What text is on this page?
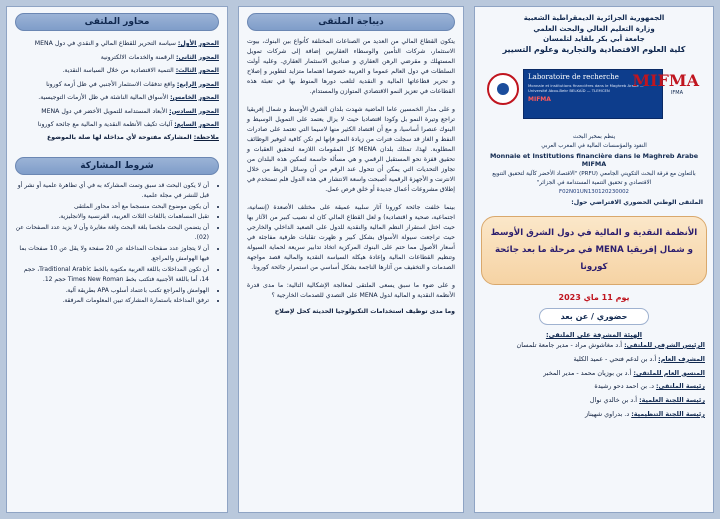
محاور الملتقى
المحور الأول: سياسة التحرير للقطاع المالي و النقدي في دول MENA
المحور الثاني: الرقمنة والخدمات الالكترونية
المحور الثالث: التنمية الاقتصادية من خلال السياسة النقدية.
المحور الرابع: واقع تدفقات الاستثمار الأجنبي في ظل أزمة كورونا
المحور الخامس: الأسواق المالية الناشئة في ظل الأزمات التوجيسية.
المحور السادس: الأبعاد المستدامة للتمويل الأخضر في دول MENA
المحور السابع: آليات تكيف الأنظمة النقدية و المالية مع جائحة كورونا
ملاحظة: المشاركة مفتوحة لأي مداخلة لها صلة بالموضوع
شروط المشاركة
• أن لا يكون البحث قد سبق وتمت المشاركة به في أي تظاهرة علمية أو نشر أو قبل للنشر في مجلة علمية.
• أن يكون موضوع البحث منسجما مع أحد محاور الملتقى
• تقبل المساهمات باللغات الثلاث العربية، الفرنسية والانجليزية.
• أن يتضمن البحث ملخصا بلغة البحث ولغة مغايرة وأن لا يزيد عدد الصفحات عن (02).
• أن لا يتجاوز عدد صفحات المداخلة عن 20 صفحة ولا يقل عن 10 صفحات بما فيها الهوامش والمراجع.
• أن تكون المداخلات باللغة العربية مكتوبة بالخط Traditional Arabic، حجم 14، أما باللغة الأجنبية فتكتب بخط Times New Roman حجم 12.
• الهوامش والمراجع تكتب باعتماد أسلوب APA بطريقة آلية.
• ترفق المداخلة باستمارة المشاركة تبين المعلومات المرفقة.
ديباجة الملتقى

يتكون القطاع المالي من العديد من الصناعات المختلفة كأنواع بين البنوك، بيوت الاستثمار، شركات التأمين والوسطاء العقاريين إضافة إلى شركات تمويل المستهلك و مقرضي الرهن العقاري و صناديق الاستثمار العقاري. وعليه أولت السلطات في دول العالم عموما و العربية خصوصا اهتماما متزايد لتطوير و إصلاح و تحرير قطاعاتها المالية و النقدية لتلعب دورها المنوط بها في تعبئة هذه القطاعات في تعزيز النمو الاقتصادي المتوازن والمستدام.

و على مدار الخمسين عاما الماضية شهدت بلدان الشرق الأوسط و شمال إفريقيا تراجع وتيرة النمو بل وكودا اقتصاديا حيث لا يزال يعتمد على التمويل الوسيط و البنوك عنصرا أساسيا، و مع أن اقتصاد الكثير منها لاسيما التي تعتمد على صادرات النفط و الغاز قد سجلت فترات من زيادة النمو فإنها لم تكن كافية لتوفير الوظائف المطلوبة. لهذا، تمتلك بلدان MENA كل المقومات اللازمة لتحقيق العقبات و تحقيق قفزة نحو المستقبل الرقمي و هي مسألة حاسمة لتمكين هذه البلدان من تجاوز التحديات التي يمكن أن تتحول عند الرقم من أن وسائل الربط من خلال الانترنت و الأجهزة الرقمية أصبحت واسعة الانتشار في هذه الدول فلم تستخدم في إطلاق مشروعات أعمال جديدة أو خلق فرص عمل.

بينما خلفت جائحة كورونا آثار سلبية عميقة على مختلف الأصعدة (إنسانية، اجتماعية، صحية و اقتصادية) و لعل القطاع المالي كان له نصيب كبير من الآثار بها حيث اختل استقرار النظم المالية والنقدية للدول على الصعيد الداخلي والخارجي حيث تراجعت سيولة الأسواق بشكل كبير و ظهرت تقلبات ظرفية مفاجئة في أسعار الأصول مما حتم على البنوك المركزية اتخاذ تدابير سريعة لحماية السيولة وتنظيم القطاعات المالية وإعادة هيكلة السياسة النقدية والمالية قصد مواجهة الصدمات و التخفيف من آثارها الناجمة بشكل أساسي من استمرار جائحة كورونا.

و على ضوء ما سبق يسعى الملتقى لمعالجة الإشكالية التالية: ما مدى قدرة الأنظمة النقدية و المالية لدول MENA على التصدي للصدمات الخارجية ؟

وما مدى توظيف استخدامات التكنولوجيا الحديثة كحل لإصلاح

الجمهورية الجزائرية الديمقراطية الشعبية
وزارة التعليم العالي والبحث العلمي
جامعة أبي بكر بلقايد لتلمسان
كلية العلوم الاقتصادية والتجارية وعلوم التسيير
Laboratoire de recherche
Monnaie et institutions financières dans le Maghreb Arabe — Université Abou-Bekr BELKAÏD — TLEMCEN
MIFMA
MIFMA
IFMA
ينظم بمخبر البحث
النقود والمؤسسات المالية في المغرب العربي
Monnaie et Institutions financière dans le Maghreb Arabe MIFMA
بالتعاون مع فرقة البحث التكويني الجامعي (PRFU) "الاقتصاد الأخضر كآلية لتحقيق التنويع الاقتصادي و تحقيق التنمية المستدامة في الجزائر"
F02N01UN130120230002
الملتقى الوطني الحضوري الافتراضي حول:
الأنظمة النقدية و المالية في دول الشرق الأوسط
و شمال إفريقيا MENA في مرحلة ما بعد جائحة كورونا
يوم 11 ماي 2023
حضوري / عن بعد
الهيئة المشرفة على الملتقى:
الرئيس الشرفي للملتقى: أ.د مغاشوش مراد - مدير جامعة تلمسان
المشرف العام: أ.د بن لدغم فتحي - عميد الكلية
المنسق العام للملتقى: أ.د بن بوزيان محمد - مدير المخبر
رئيسة الملتقى: د. بن احمد دحو رشيدة
رئيسة اللجنة العلمية: أ.د بن خالدي نوال
رئيسة اللجنة التنظيمية: د. بدراوي شهيناز
